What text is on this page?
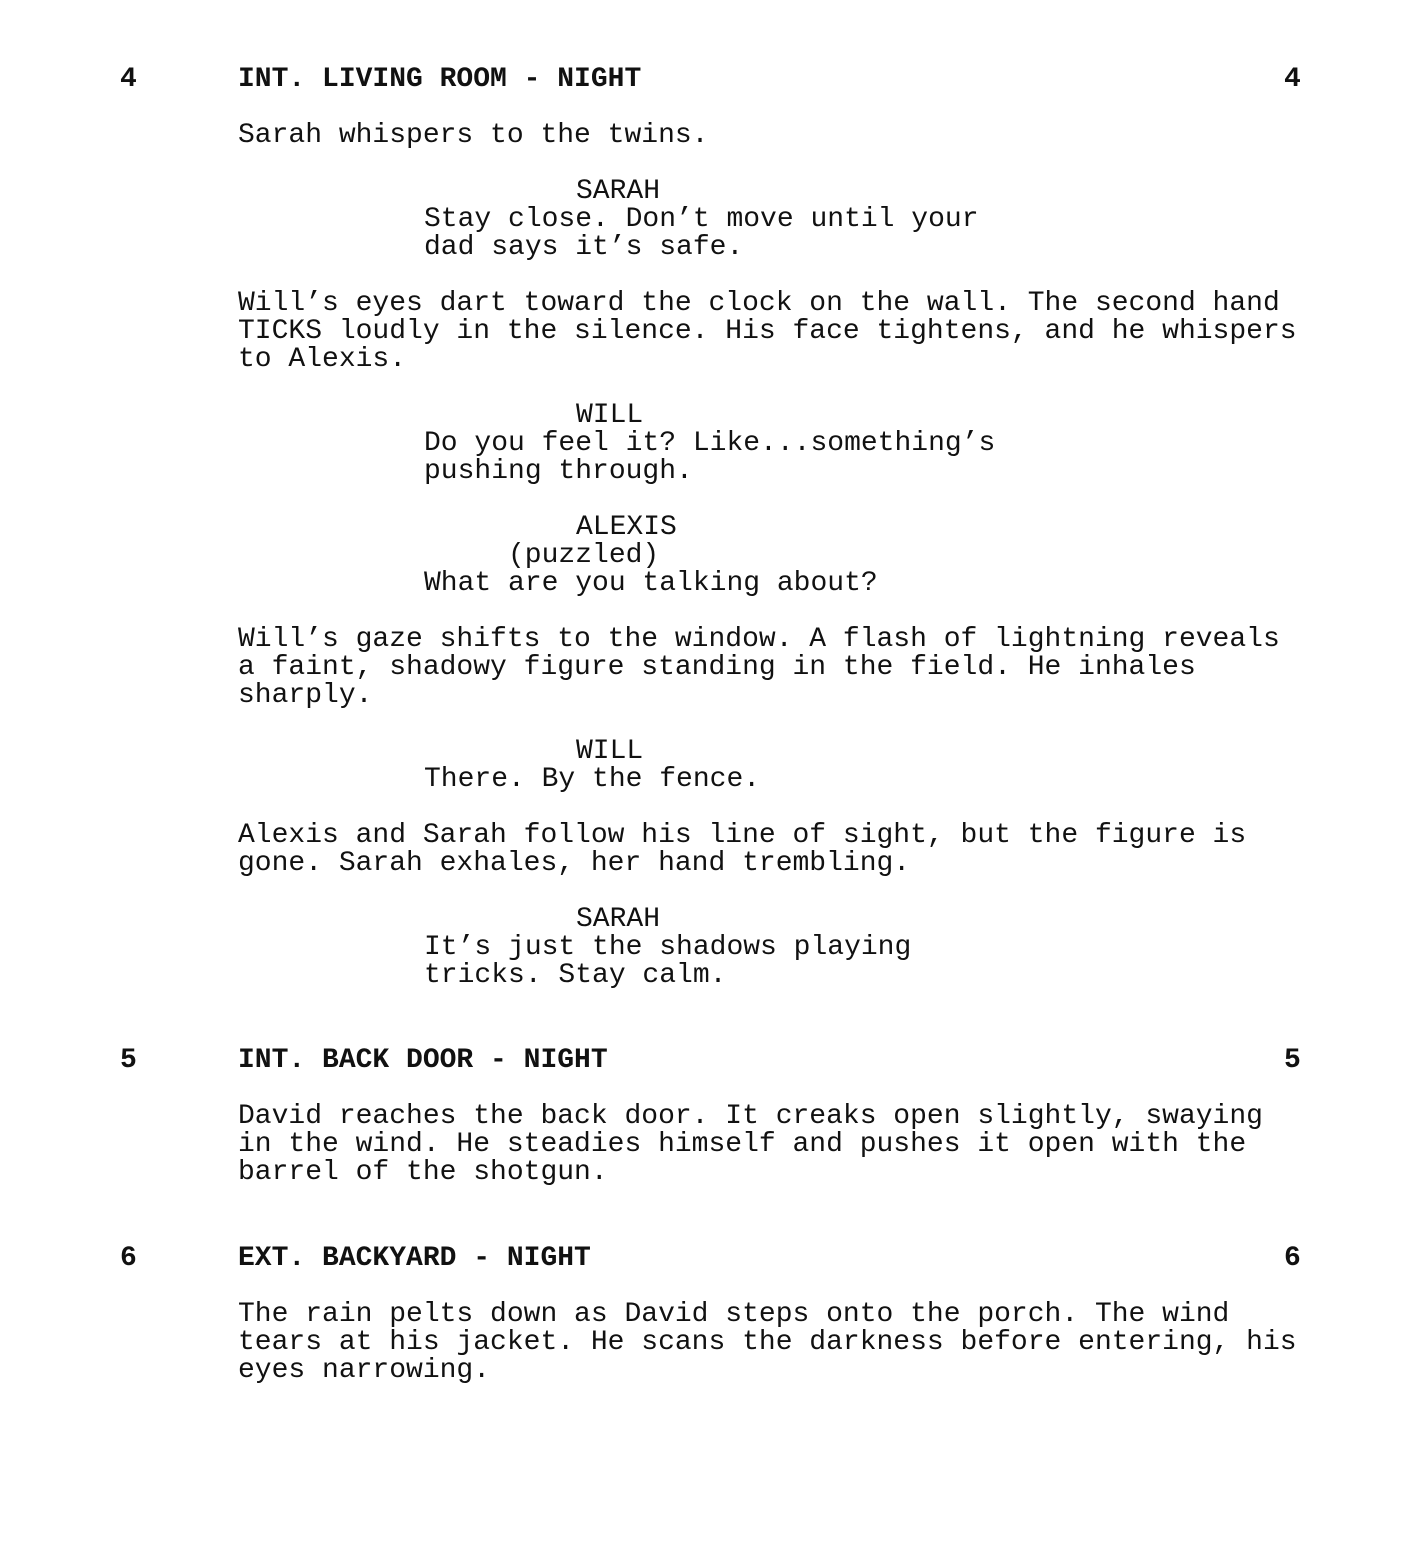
4	INT. LIVING ROOM - NIGHT	4
Sarah whispers to the twins.
SARAH
Stay close. Don’t move until your
dad says it’s safe.
Will’s eyes dart toward the clock on the wall. The second hand
TICKS loudly in the silence. His face tightens, and he whispers
to Alexis.
WILL
Do you feel it? Like...something’s
pushing through.
ALEXIS
(puzzled)
What are you talking about?
Will’s gaze shifts to the window. A flash of lightning reveals
a faint, shadowy figure standing in the field. He inhales
sharply.
WILL
There. By the fence.
Alexis and Sarah follow his line of sight, but the figure is
gone. Sarah exhales, her hand trembling.
SARAH
It’s just the shadows playing
tricks. Stay calm.
5	INT. BACK DOOR - NIGHT	5
David reaches the back door. It creaks open slightly, swaying
in the wind. He steadies himself and pushes it open with the
barrel of the shotgun.
6	EXT. BACKYARD - NIGHT	6
The rain pelts down as David steps onto the porch. The wind
tears at his jacket. He scans the darkness before entering, his
eyes narrowing.
